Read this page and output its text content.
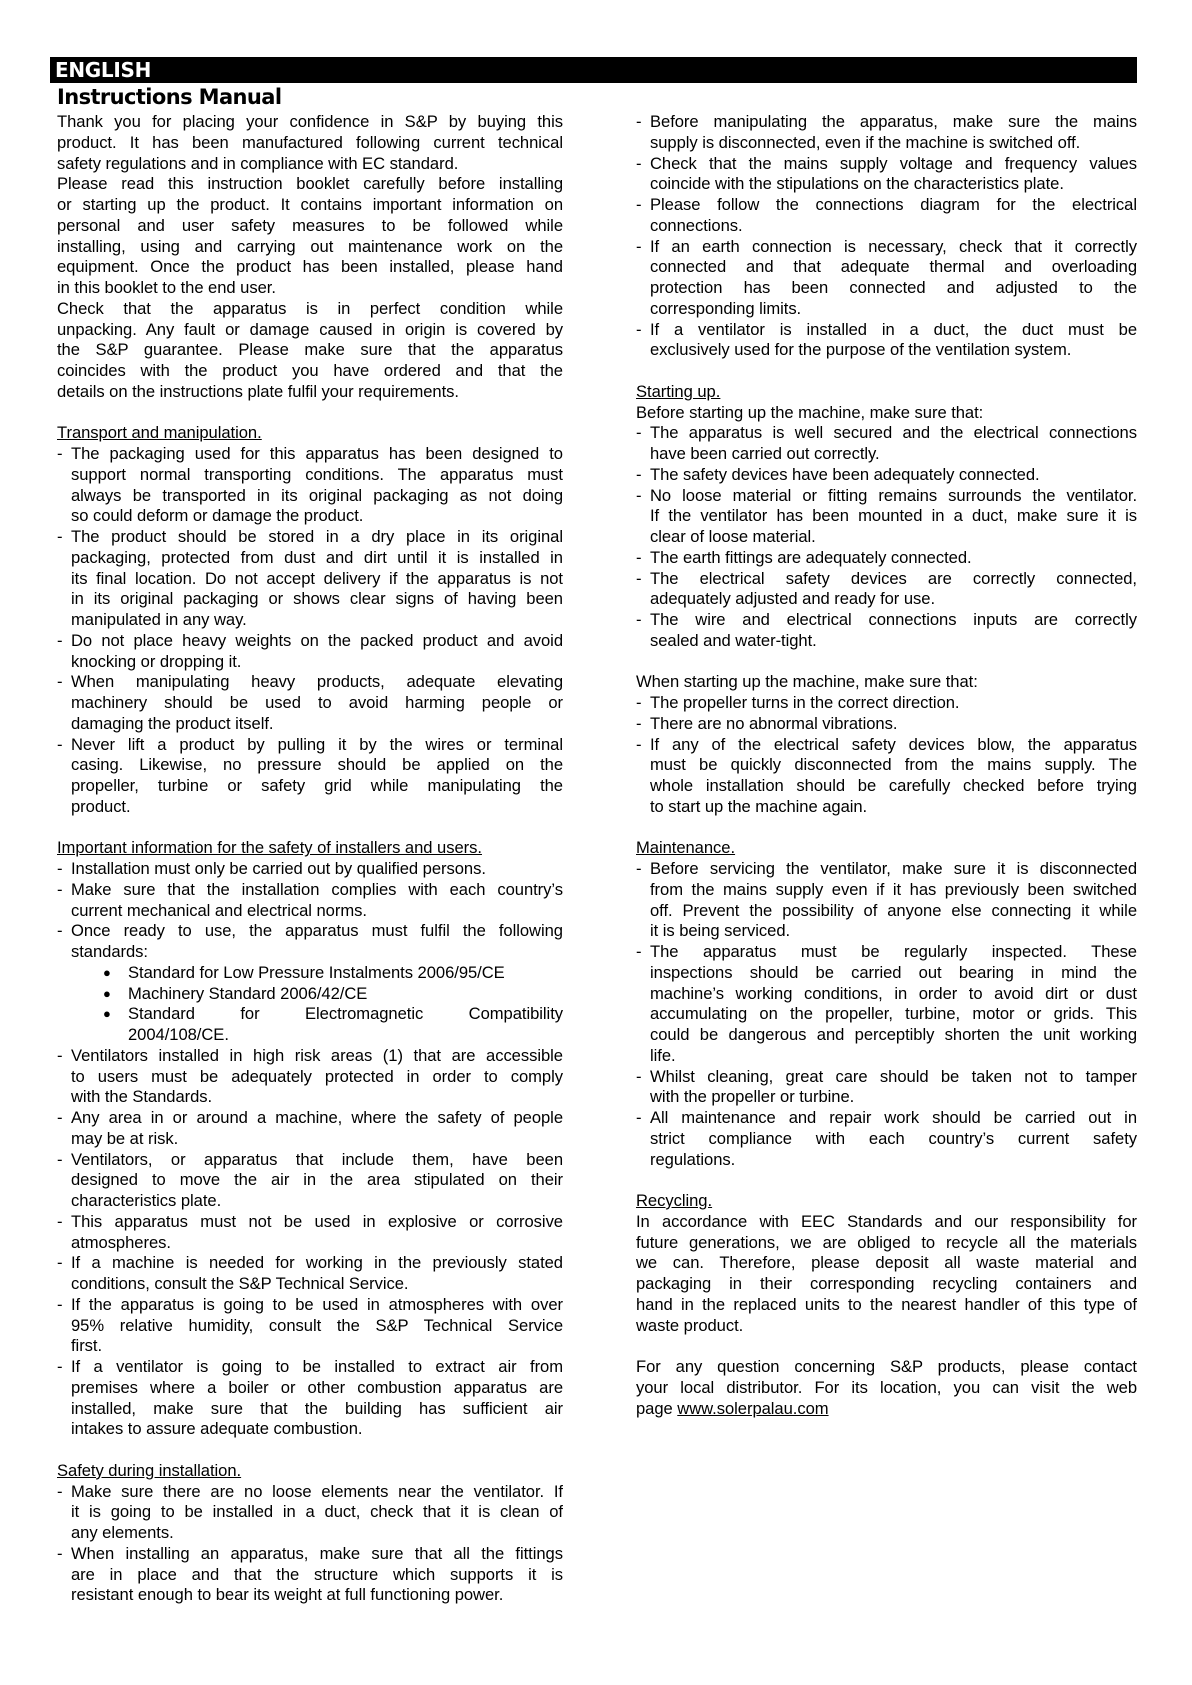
ENGLISH
Instructions Manual
Thank you for placing your confidence in S&P by buying this
product. It has been manufactured following current technical
safety regulations and in compliance with EC standard.
Please read this instruction booklet carefully before installing
or starting up the product. It contains important information on
personal and user safety measures to be followed while
installing, using and carrying out maintenance work on the
equipment. Once the product has been installed, please hand
in this booklet to the end user.
Check that the apparatus is in perfect condition while
unpacking. Any fault or damage caused in origin is covered by
the S&P guarantee. Please make sure that the apparatus
coincides with the product you have ordered and that the
details on the instructions plate fulfil your requirements.
Transport and manipulation.
- The packaging used for this apparatus has been designed to
support normal transporting conditions. The apparatus must
always be transported in its original packaging as not doing
so could deform or damage the product.
- The product should be stored in a dry place in its original
packaging, protected from dust and dirt until it is installed in
its final location. Do not accept delivery if the apparatus is not
in its original packaging or shows clear signs of having been
manipulated in any way.
- Do not place heavy weights on the packed product and avoid
knocking or dropping it.
- When manipulating heavy products, adequate elevating
machinery should be used to avoid harming people or
damaging the product itself.
- Never lift a product by pulling it by the wires or terminal
casing. Likewise, no pressure should be applied on the
propeller, turbine or safety grid while manipulating the
product.
Important information for the safety of installers and users.
- Installation must only be carried out by qualified persons.
- Make sure that the installation complies with each country’s
current mechanical and electrical norms.
- Once ready to use, the apparatus must fulfil the following
standards:
●	Standard for Low Pressure Instalments 2006/95/CE
●	Machinery Standard 2006/42/CE
●	Standard for Electromagnetic Compatibility
2004/108/CE.
- Ventilators installed in high risk areas (1) that are accessible
to users must be adequately protected in order to comply
with the Standards.
- Any area in or around a machine, where the safety of people
may be at risk.
- Ventilators, or apparatus that include them, have been
designed to move the air in the area stipulated on their
characteristics plate.
- This apparatus must not be used in explosive or corrosive
atmospheres.
- If a machine is needed for working in the previously stated
conditions, consult the S&P Technical Service.
- If the apparatus is going to be used in atmospheres with over
95% relative humidity, consult the S&P Technical Service
first.
- If a ventilator is going to be installed to extract air from
premises where a boiler or other combustion apparatus are
installed, make sure that the building has sufficient air
intakes to assure adequate combustion.
Safety during installation.
- Make sure there are no loose elements near the ventilator. If
it is going to be installed in a duct, check that it is clean of
any elements.
- When installing an apparatus, make sure that all the fittings
are in place and that the structure which supports it is
resistant enough to bear its weight at full functioning power.
- Before manipulating the apparatus, make sure the mains
supply is disconnected, even if the machine is switched off.
- Check that the mains supply voltage and frequency values
coincide with the stipulations on the characteristics plate.
- Please follow the connections diagram for the electrical
connections.
- If an earth connection is necessary, check that it correctly
connected and that adequate thermal and overloading
protection has been connected and adjusted to the
corresponding limits.
- If a ventilator is installed in a duct, the duct must be
exclusively used for the purpose of the ventilation system.
Starting up.
Before starting up the machine, make sure that:
- The apparatus is well secured and the electrical connections
have been carried out correctly.
- The safety devices have been adequately connected.
- No loose material or fitting remains surrounds the ventilator.
If the ventilator has been mounted in a duct, make sure it is
clear of loose material.
- The earth fittings are adequately connected.
- The electrical safety devices are correctly connected,
adequately adjusted and ready for use.
- The wire and electrical connections inputs are correctly
sealed and water-tight.
When starting up the machine, make sure that:
- The propeller turns in the correct direction.
- There are no abnormal vibrations.
- If any of the electrical safety devices blow, the apparatus
must be quickly disconnected from the mains supply. The
whole installation should be carefully checked before trying
to start up the machine again.
Maintenance.
- Before servicing the ventilator, make sure it is disconnected
from the mains supply even if it has previously been switched
off. Prevent the possibility of anyone else connecting it while
it is being serviced.
- The apparatus must be regularly inspected. These
inspections should be carried out bearing in mind the
machine’s working conditions, in order to avoid dirt or dust
accumulating on the propeller, turbine, motor or grids. This
could be dangerous and perceptibly shorten the unit working
life.
- Whilst cleaning, great care should be taken not to tamper
with the propeller or turbine.
- All maintenance and repair work should be carried out in
strict compliance with each country’s current safety
regulations.
Recycling.
In accordance with EEC Standards and our responsibility for
future generations, we are obliged to recycle all the materials
we can. Therefore, please deposit all waste material and
packaging in their corresponding recycling containers and
hand in the replaced units to the nearest handler of this type of
waste product.
For any question concerning S&P products, please contact
your local distributor. For its location, you can visit the web
page www.solerpalau.com
